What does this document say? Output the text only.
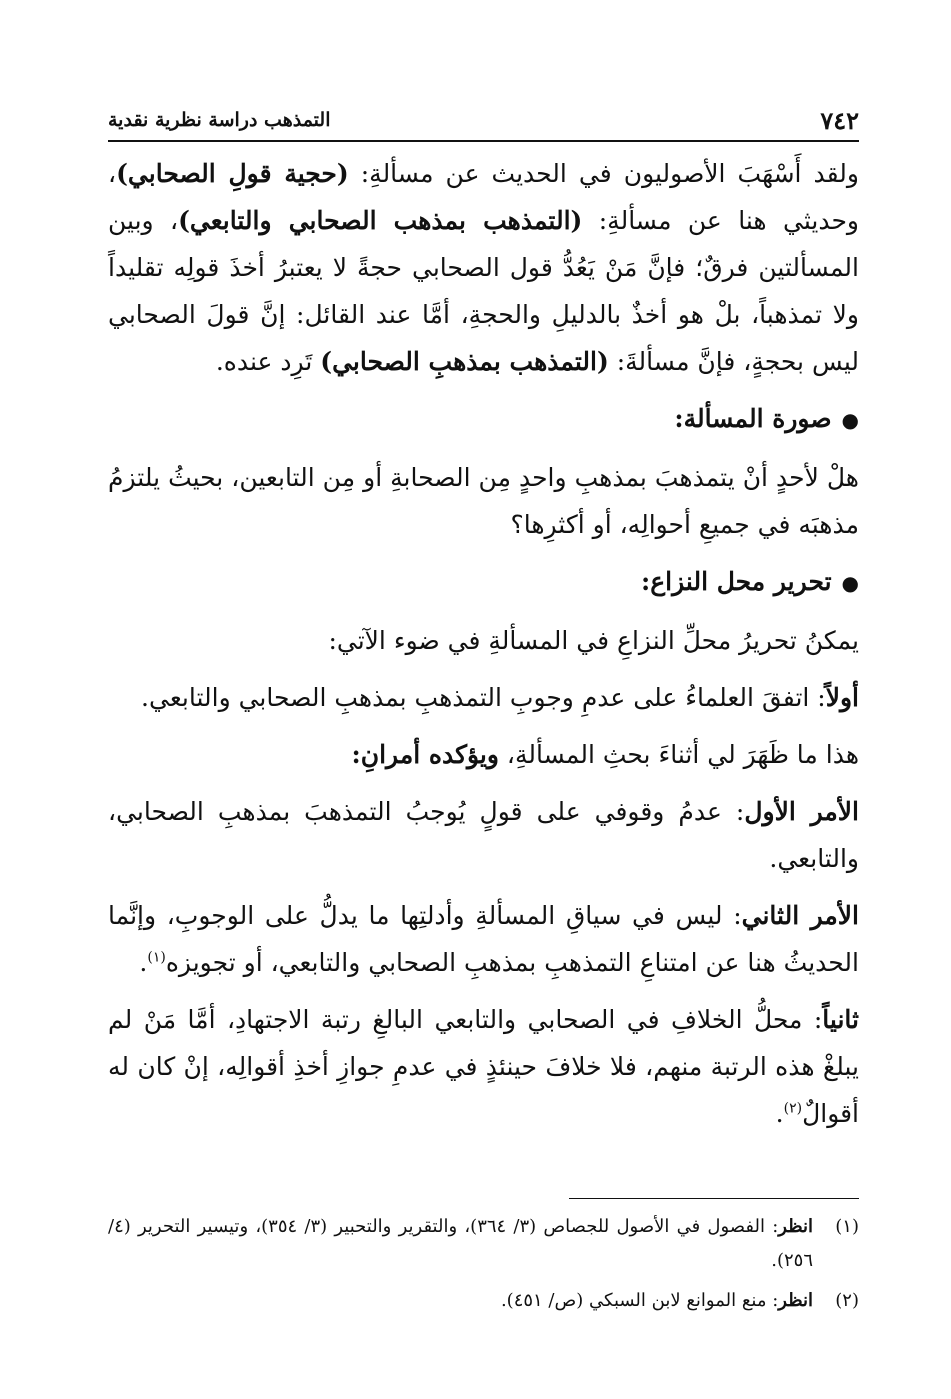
٧٤٢
التمذهب دراسة نظرية نقدية

ولقد أَسْهَبَ الأصوليون في الحديث عن مسألةِ: (حجية قولِ الصحابي)، وحديثي هنا عن مسألةِ: (التمذهب بمذهب الصحابي والتابعي)، وبين المسألتين فرقٌ؛ فإنَّ مَنْ يَعُدُّ قول الصحابي حجةً لا يعتبرُ أخذَ قولِه تقليداً ولا تمذهباً، بلْ هو أخذٌ بالدليلِ والحجةِ، أمَّا عند القائل: إنَّ قولَ الصحابي ليس بحجةٍ، فإنَّ مسألةَ: (التمذهب بمذهبِ الصحابي) تَرِد عنده.

●صورة المسألة:

هلْ لأحدٍ أنْ يتمذهبَ بمذهبِ واحدٍ مِن الصحابةِ أو مِن التابعين، بحيثُ يلتزمُ مذهبَه في جميعِ أحوالِه، أو أكثرِها؟

●تحرير محل النزاع:

يمكنُ تحريرُ محلِّ النزاعِ في المسألةِ في ضوء الآتي:

أولاً: اتفقَ العلماءُ على عدمِ وجوبِ التمذهبِ بمذهبِ الصحابي والتابعي.

هذا ما ظَهَرَ لي أثناءَ بحثِ المسألةِ، ويؤكده أمرانِ:

الأمر الأول: عدمُ وقوفي على قولٍ يُوجبُ التمذهبَ بمذهبِ الصحابي، والتابعي.

الأمر الثاني: ليس في سياقِ المسألةِ وأدلتِها ما يدلُّ على الوجوبِ، وإنَّما الحديثُ هنا عن امتناعِ التمذهبِ بمذهبِ الصحابي والتابعي، أو تجويزه$^{(١)}$.

ثانياً: محلُّ الخلافِ في الصحابي والتابعي البالغِ رتبة الاجتهادِ، أمَّا مَنْ لم يبلغْ هذه الرتبة منهم، فلا خلافَ حينئذٍ في عدمِ جوازِ أخذِ أقوالِه، إنْ كان له أقوالٌ$^{(٢)}$.

(١)
انظر: الفصول في الأصول للجصاص (٣/ ٣٦٤)، والتقرير والتحبير (٣/ ٣٥٤)، وتيسير التحرير (٤/ ٢٥٦).
(٢)
انظر: منع الموانع لابن السبكي (ص/ ٤٥١).
